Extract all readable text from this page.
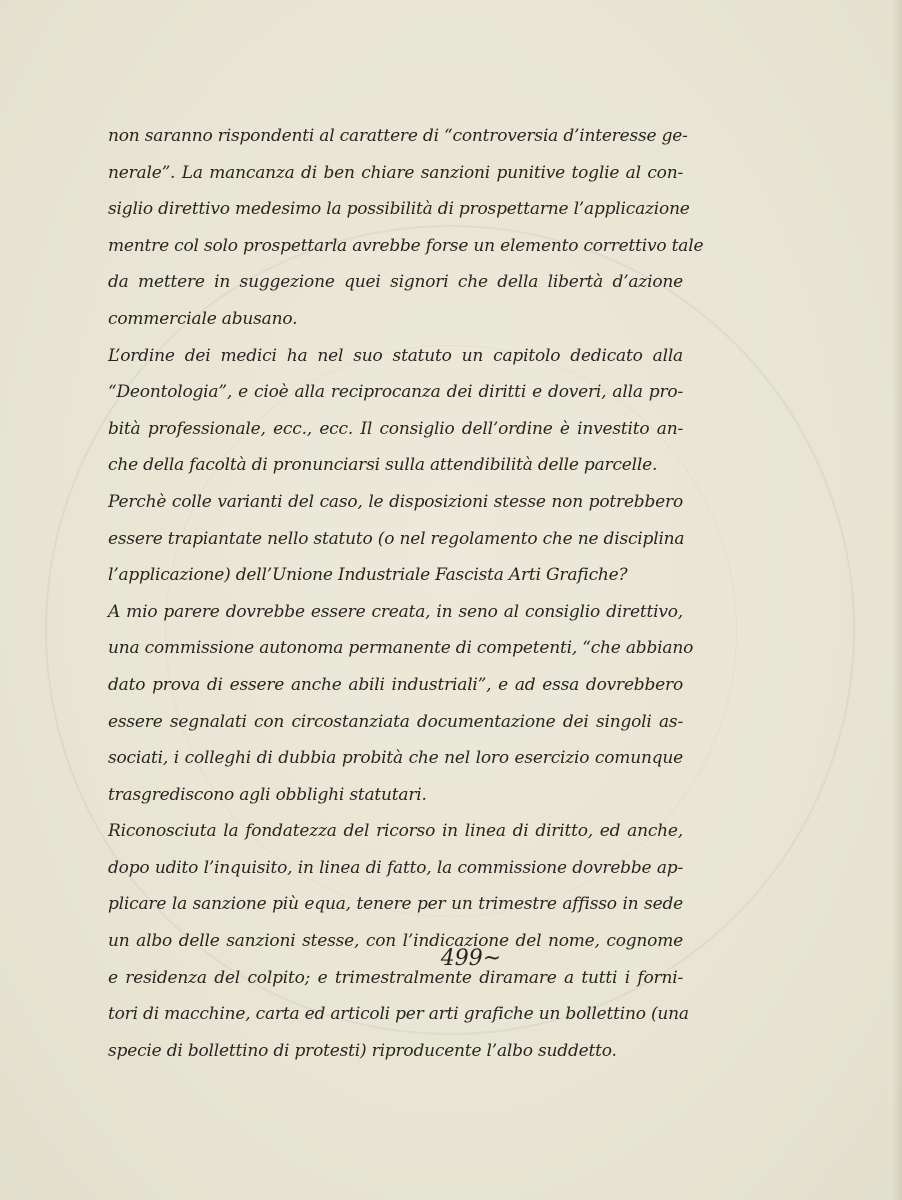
non saranno rispondenti al carattere di “controversia d’interesse ge-
nerale”. La mancanza di ben chiare sanzioni punitive toglie al con-
siglio direttivo medesimo la possibilità di prospettarne l’applicazione
mentre col solo prospettarla avrebbe forse un elemento correttivo tale
da mettere in suggezione quei signori che della libertà d’azione
commerciale abusano.
L’ordine dei medici ha nel suo statuto un capitolo dedicato alla
“Deontologia”, e cioè alla reciprocanza dei diritti e doveri, alla pro-
bità professionale, ecc., ecc. Il consiglio dell’ordine è investito an-
che della facoltà di pronunciarsi sulla attendibilità delle parcelle.
Perchè colle varianti del caso, le disposizioni stesse non potrebbero
essere trapiantate nello statuto (o nel regolamento che ne disciplina
l’applicazione) dell’Unione Industriale Fascista Arti Grafiche?
A mio parere dovrebbe essere creata, in seno al consiglio direttivo,
una commissione autonoma permanente di competenti, “che abbiano
dato prova di essere anche abili industriali”, e ad essa dovrebbero
essere segnalati con circostanziata documentazione dei singoli as-
sociati, i colleghi di dubbia probità che nel loro esercizio comunque
trasgrediscono agli obblighi statutari.
Riconosciuta la fondatezza del ricorso in linea di diritto, ed anche,
dopo udito l’inquisito, in linea di fatto, la commissione dovrebbe ap-
plicare la sanzione più equa, tenere per un trimestre affisso in sede
un albo delle sanzioni stesse, con l’indicazione del nome, cognome
e residenza del colpito; e trimestralmente diramare a tutti i forni-
tori di macchine, carta ed articoli per arti grafiche un bollettino (una
specie di bollettino di protesti) riproducente l’albo suddetto.
499~
